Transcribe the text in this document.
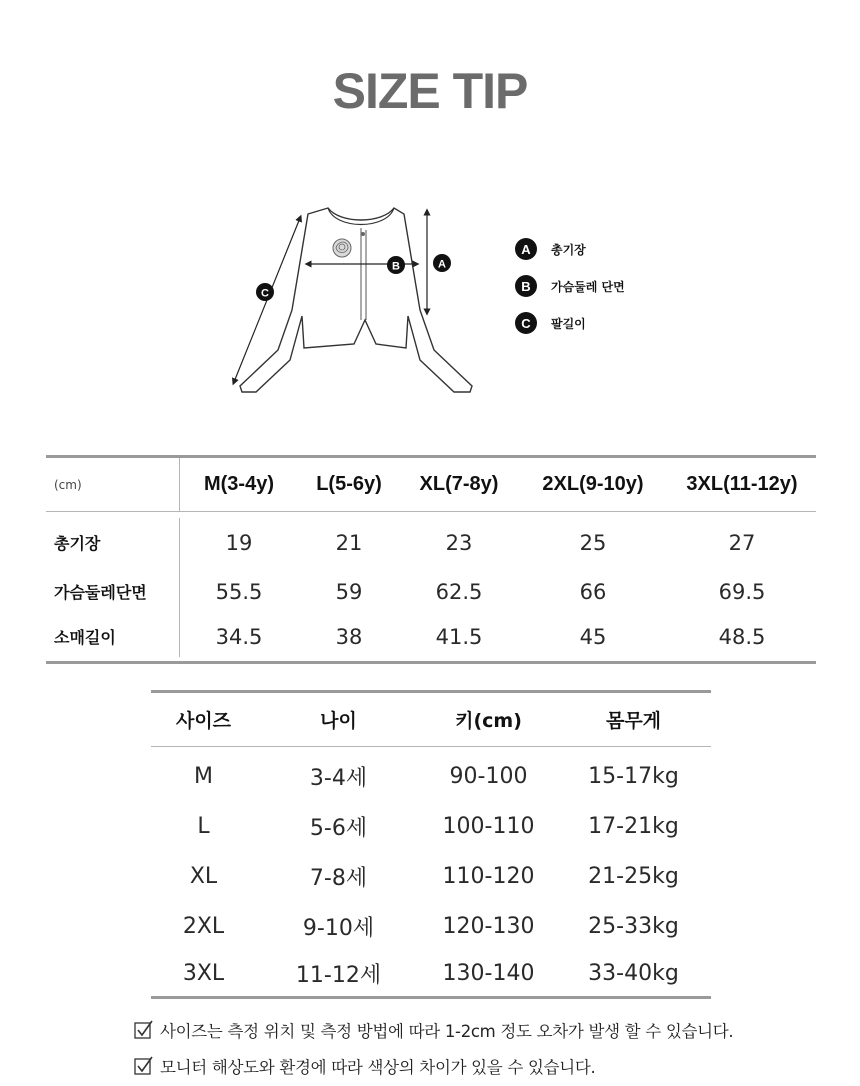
SIZE TIP
A
B
C
A	총기장
B	가슴둘레 단면
C	팔길이
(cm)	M(3-4y)	L(5-6y)	XL(7-8y)	2XL(9-10y)	3XL(11-12y)
총기장	19	21	23	25	27
가슴둘레단면	55.5	59	62.5	66	69.5
소매길이	34.5	38	41.5	45	48.5
사이즈	나이	키(cm)	몸무게
M	3-4세	90-100	15-17kg
L	5-6세	100-110	17-21kg
XL	7-8세	110-120	21-25kg
2XL	9-10세	120-130	25-33kg
3XL	11-12세	130-140	33-40kg
사이즈는 측정 위치 및 측정 방법에 따라 1-2cm 정도 오차가 발생 할 수 있습니다.
모니터 해상도와 환경에 따라 색상의 차이가 있을 수 있습니다.
